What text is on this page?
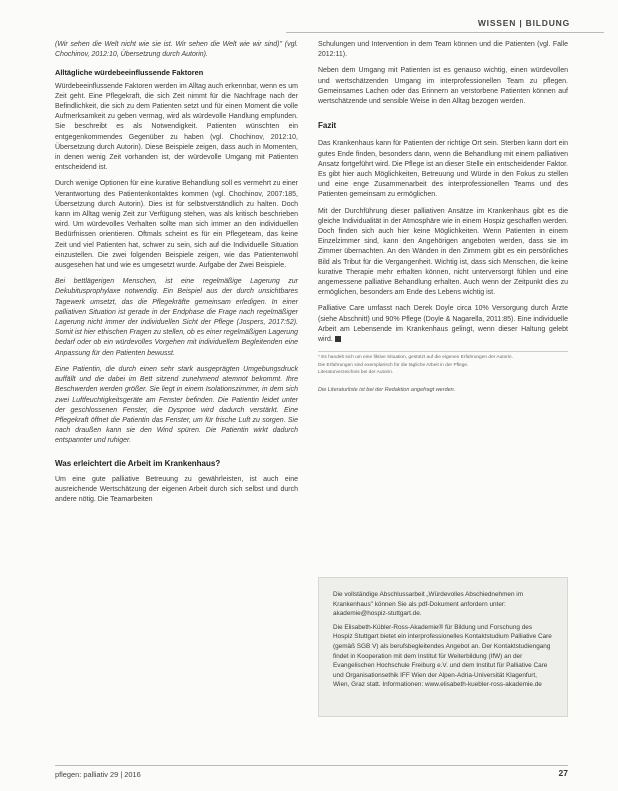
WISSEN | BILDUNG

(Wir sehen die Welt nicht wie sie ist. Wir sehen die Welt wie wir sind)" (vgl. Chochinov, 2012:10, Übersetzung durch Autorin).

Alltägliche würdebeeinflussende Faktoren

Würdebeeinflussende Faktoren werden im Alltag auch erkennbar, wenn es um Zeit geht. Eine Pflegekraft, die sich Zeit nimmt für die Nachfrage nach der Befindlichkeit, die sich zu dem Patienten setzt und für einen Moment die volle Aufmerksamkeit zu geben vermag, wird als würdevolle Handlung empfunden. Sie beschreibt es als Notwendigkeit. Patienten wünschten ein entgegenkommendes Gegenüber zu haben (vgl. Chochinov, 2012:10, Übersetzung durch Autorin). Diese Beispiele zeigen, dass auch in Momenten, in denen wenig Zeit vorhanden ist, der würdevolle Umgang mit Patienten entscheidend ist.

Durch wenige Optionen für eine kurative Behandlung soll es vermehrt zu einer Verantwortung des Patientenkontaktes kommen (vgl. Chochinov, 2007:185, Übersetzung durch Autorin). Dies ist für selbstverständlich zu halten. Doch kann im Alltag wenig Zeit zur Verfügung stehen, was als kritisch beschrieben wird. Um würdevolles Verhalten sollte man sich immer an den individuellen Bedürfnissen orientieren. Oftmals scheint es für ein Pflegeteam, das keine Zeit und viel Patienten hat, schwer zu sein, sich auf die Individuelle Situation einzustellen. Die zwei folgenden Beispiele zeigen, wie das Patientenwohl ausgesehen hat und wie es umgesetzt wurde. Aufgabe der Zwei Beispiele.

Bei bettlägerigen Menschen, ist eine regelmäßige Lagerung zur Dekubitusprophylaxe notwendig. Ein Beispiel aus der durch unsichtbares Tagewerk umsetzt, das die Pflegekräfte gemeinsam erledigen. In einer palliativen Situation ist gerade in der Endphase die Frage nach regelmäßiger Lagerung nicht immer der individuellen Sicht der Pflege (Jospers, 2017:52). Somit ist hier ethischen Fragen zu stellen, ob es einer regelmäßigen Lagerung bedarf oder ob ein würdevolles Vorgehen mit individuellem Begleitenden eine Anpassung für den Patienten bewusst.

Eine Patientin, die durch einen sehr stark ausgeprägten Umgebungsdruck auffällt und die dabei im Bett sitzend zunehmend atemnot bekommt. Ihre Beschwerden werden größer. Sie liegt in einem Isolationszimmer, in dem sich zwei Luftfeuchtigkeitsgeräte am Fenster befinden. Die Patientin leidet unter der geschlossenen Fenster, die Dyspnoe wird dadurch verstärkt. Eine Pflegekraft öffnet die Patientin das Fenster, um für frische Luft zu sorgen. Sie nach draußen kann sie den Wind spüren. Die Patientin wirkt dadurch entspannter und ruhiger.

Was erleichtert die Arbeit im Krankenhaus?

Um eine gute palliative Betreuung zu gewährleisten, ist auch eine ausreichende Wertschätzung der eigenen Arbeit durch sich selbst und durch andere nötig. Die Teamarbeiten

Schulungen und Intervention in dem Team können und die Patienten (vgl. Falle 2012:11).

Neben dem Umgang mit Patienten ist es genauso wichtig, einen würdevollen und wertschätzenden Umgang im interprofessionellen Team zu pflegen. Gemeinsames Lachen oder das Erinnern an verstorbene Patienten können auf wertschätzende und sensible Weise in den Alltag bezogen werden.

Fazit

Das Krankenhaus kann für Patienten der richtige Ort sein. Sterben kann dort ein gutes Ende finden, besonders dann, wenn die Behandlung mit einem palliativen Ansatz fortgeführt wird. Die Pflege ist an dieser Stelle ein entscheidender Faktor. Es gibt hier auch Möglichkeiten, Betreuung und Würde in den Fokus zu stellen und eine enge Zusammenarbeit des interprofessionellen Teams und des Patienten gemeinsam zu ermöglichen.

Mit der Durchführung dieser palliativen Ansätze im Krankenhaus gibt es die gleiche Individualität in der Atmosphäre wie in einem Hospiz geschaffen werden. Doch finden sich auch hier keine Möglichkeiten. Wenn Patienten in einem Einzelzimmer sind, kann den Angehörigen angeboten werden, dass sie im Zimmer übernachten. An den Wänden in den Zimmern gibt es ein persönliches Bild als Tribut für die Vergangenheit. Wichtig ist, dass sich Menschen, die keine kurative Therapie mehr erhalten können, nicht unterversorgt fühlen und eine angemessene palliative Behandlung erhalten. Auch wenn der Zeitpunkt dies zu ermöglichen, besonders am Ende des Lebens wichtig ist.

Palliative Care umfasst nach Derek Doyle circa 10% Versorgung durch Ärzte (siehe Abschnitt) und 90% Pflege (Doyle & Nagarella, 2011:85). Eine individuelle Arbeit am Lebensende im Krankenhaus gelingt, wenn dieser Haltung gelebt wird.

* Es handelt sich um eine fiktive Situation, gestützt auf die eigenen Erfahrungen der Autorin.
Die Erfahrungen sind exemplarisch für die tägliche Arbeit in der Pflege.
Literaturverzeichnis bei der Autorin.
Die Literaturliste ist bei der Redaktion angefragt werden.

Die vollständige Abschlussarbeit „Würdevolles Abschiednehmen im Krankenhaus" können Sie als pdf-Dokument anfordern unter: akademie@hospiz-stuttgart.de.

Die Elisabeth-Kübler-Ross-Akademie® für Bildung und Forschung des Hospiz Stuttgart bietet ein interprofessionelles Kontaktstudium Palliative Care (gemäß SGB V) als berufsbegleitendes Angebot an. Der Kontaktstudiengang findet in Kooperation mit dem Institut für Weiterbildung (IfW) an der Evangelischen Hochschule Freiburg e.V. und dem Institut für Palliative Care und Organisationsethik IFF Wien der Alpen-Adria-Universität Klagenfurt, Wien, Graz statt. Informationen: www.elisabeth-kuebler-ross-akademie.de

pflegen: palliativ 29 | 2016	27
